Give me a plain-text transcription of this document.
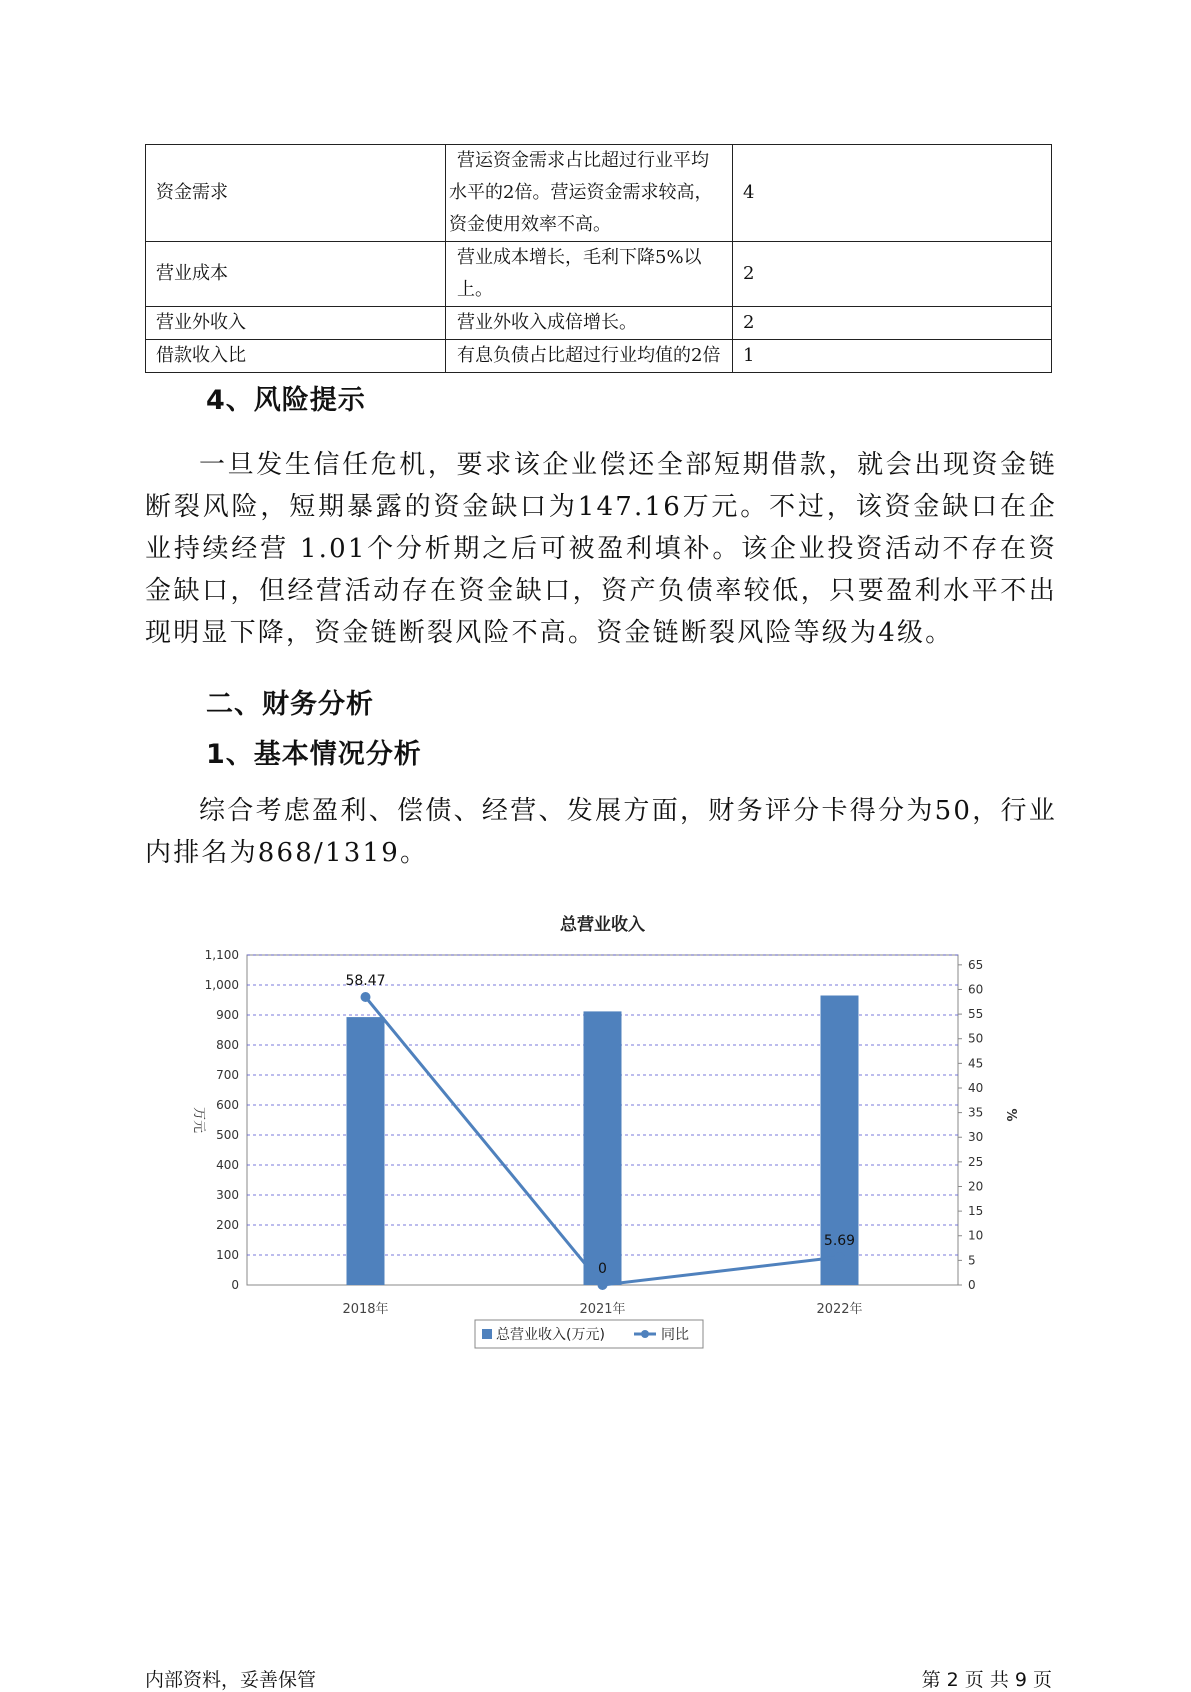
资金需求	营运资金需求占比超过行业平均
水平的2倍。营运资金需求较高，
资金使用效率不高。	4
营业成本	营业成本增长，毛利下降5%以上。	2
营业外收入	营业外收入成倍增长。	2
借款收入比	有息负债占比超过行业均值的2倍	1
4、风险提示

一旦发生信任危机，要求该企业偿还全部短期借款，就会出现资金链断裂风险，短期暴露的资金缺口为147.16万元。不过，该资金缺口在企业持续经营 1.01个分析期之后可被盈利填补。该企业投资活动不存在资金缺口，但经营活动存在资金缺口，资产负债率较低，只要盈利水平不出现明显下降，资金链断裂风险不高。资金链断裂风险等级为4级。

二、财务分析
1、基本情况分析

综合考虑盈利、偿债、经营、发展方面，财务评分卡得分为50，行业内排名为868/1319。

总营业收入
0
100
200
300
400
500
600
700
800
900
1,000
1,100
0
5
10
15
20
25
30
35
40
45
50
55
60
65
万元	%
2018年	2021年	2022年
58.47
0
5.69
总营业收入(万元)	同比
内部资料，妥善保管	第 2 页 共 9 页
